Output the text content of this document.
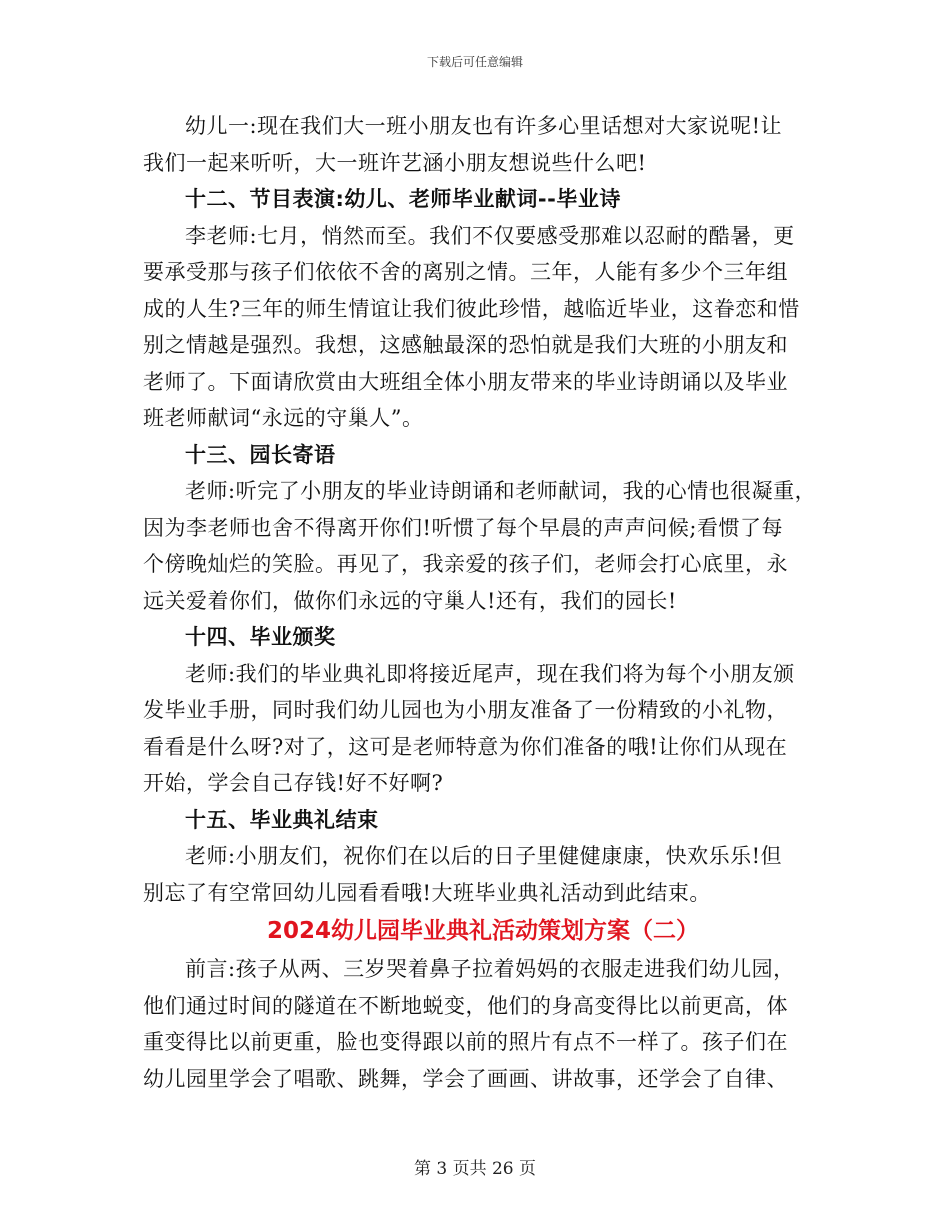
下载后可任意编辑

幼儿一:现在我们大一班小朋友也有许多心里话想对大家说呢!让
我们一起来听听，大一班许艺涵小朋友想说些什么吧!

十二、节目表演:幼儿、老师毕业献词--毕业诗

李老师:七月，悄然而至。我们不仅要感受那难以忍耐的酷暑，更
要承受那与孩子们依依不舍的离别之情。三年，人能有多少个三年组
成的人生?三年的师生情谊让我们彼此珍惜，越临近毕业，这眷恋和惜
别之情越是强烈。我想，这感触最深的恐怕就是我们大班的小朋友和
老师了。下面请欣赏由大班组全体小朋友带来的毕业诗朗诵以及毕业
班老师献词“永远的守巢人”。

十三、园长寄语

老师:听完了小朋友的毕业诗朗诵和老师献词，我的心情也很凝重，
因为李老师也舍不得离开你们!听惯了每个早晨的声声问候;看惯了每
个傍晚灿烂的笑脸。再见了，我亲爱的孩子们，老师会打心底里，永
远关爱着你们，做你们永远的守巢人!还有，我们的园长!

十四、毕业颁奖

老师:我们的毕业典礼即将接近尾声，现在我们将为每个小朋友颁
发毕业手册，同时我们幼儿园也为小朋友准备了一份精致的小礼物，
看看是什么呀?对了，这可是老师特意为你们准备的哦!让你们从现在
开始，学会自己存钱!好不好啊?

十五、毕业典礼结束

老师:小朋友们，祝你们在以后的日子里健健康康，快欢乐乐!但
别忘了有空常回幼儿园看看哦!大班毕业典礼活动到此结束。

2024幼儿园毕业典礼活动策划方案（二）

前言:孩子从两、三岁哭着鼻子拉着妈妈的衣服走进我们幼儿园，
他们通过时间的隧道在不断地蜕变，他们的身高变得比以前更高，体
重变得比以前更重，脸也变得跟以前的照片有点不一样了。孩子们在
幼儿园里学会了唱歌、跳舞，学会了画画、讲故事，还学会了自律、

第 3 页共 26 页
